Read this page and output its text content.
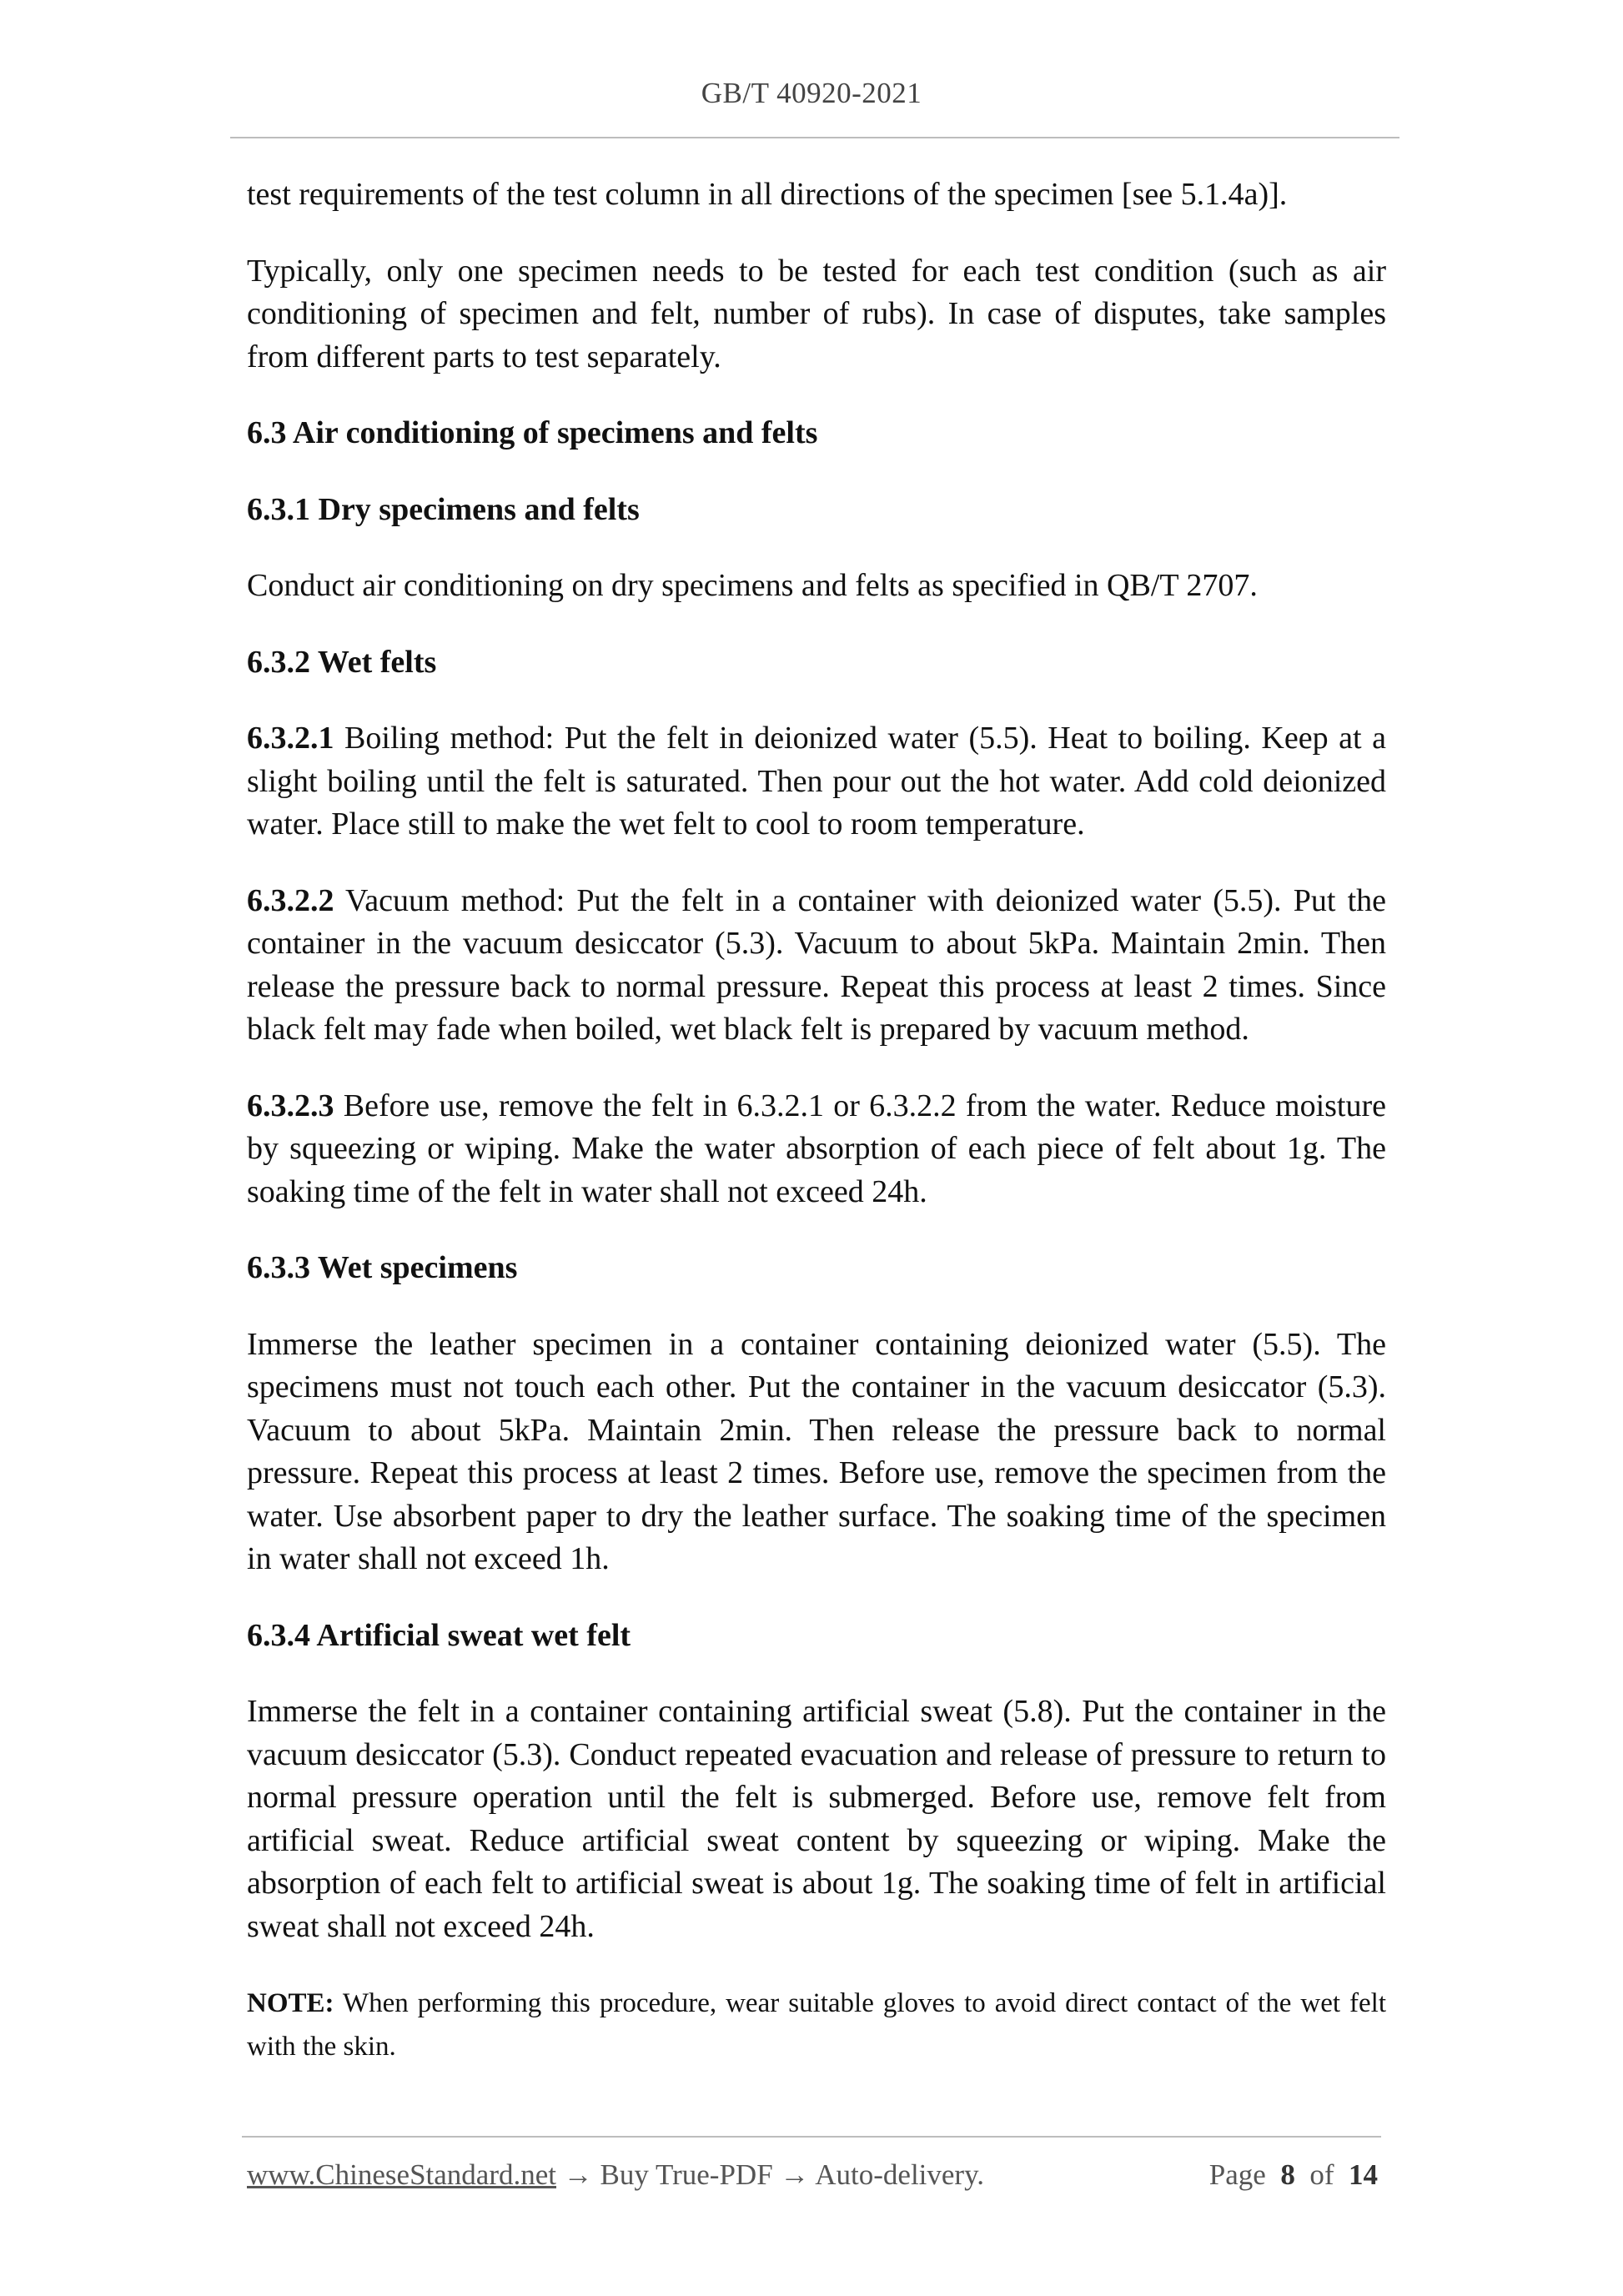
GB/T 40920-2021

test requirements of the test column in all directions of the specimen [see 5.1.4a)].

Typically, only one specimen needs to be tested for each test condition (such as air conditioning of specimen and felt, number of rubs). In case of disputes, take samples from different parts to test separately.

6.3 Air conditioning of specimens and felts
6.3.1 Dry specimens and felts

Conduct air conditioning on dry specimens and felts as specified in QB/T 2707.

6.3.2 Wet felts

6.3.2.1 Boiling method: Put the felt in deionized water (5.5). Heat to boiling. Keep at a slight boiling until the felt is saturated. Then pour out the hot water. Add cold deionized water. Place still to make the wet felt to cool to room temperature.

6.3.2.2 Vacuum method: Put the felt in a container with deionized water (5.5). Put the container in the vacuum desiccator (5.3). Vacuum to about 5kPa. Maintain 2min. Then release the pressure back to normal pressure. Repeat this process at least 2 times. Since black felt may fade when boiled, wet black felt is prepared by vacuum method.

6.3.2.3 Before use, remove the felt in 6.3.2.1 or 6.3.2.2 from the water. Reduce moisture by squeezing or wiping. Make the water absorption of each piece of felt about 1g. The soaking time of the felt in water shall not exceed 24h.

6.3.3 Wet specimens

Immerse the leather specimen in a container containing deionized water (5.5). The specimens must not touch each other. Put the container in the vacuum desiccator (5.3). Vacuum to about 5kPa. Maintain 2min. Then release the pressure back to normal pressure. Repeat this process at least 2 times. Before use, remove the specimen from the water. Use absorbent paper to dry the leather surface. The soaking time of the specimen in water shall not exceed 1h.

6.3.4 Artificial sweat wet felt

Immerse the felt in a container containing artificial sweat (5.8). Put the container in the vacuum desiccator (5.3). Conduct repeated evacuation and release of pressure to return to normal pressure operation until the felt is submerged. Before use, remove felt from artificial sweat. Reduce artificial sweat content by squeezing or wiping. Make the absorption of each felt to artificial sweat is about 1g. The soaking time of felt in artificial sweat shall not exceed 24h.

NOTE: When performing this procedure, wear suitable gloves to avoid direct contact of the wet felt with the skin.

www.ChineseStandard.net → Buy True-PDF → Auto-delivery.	Page 8 of 14
